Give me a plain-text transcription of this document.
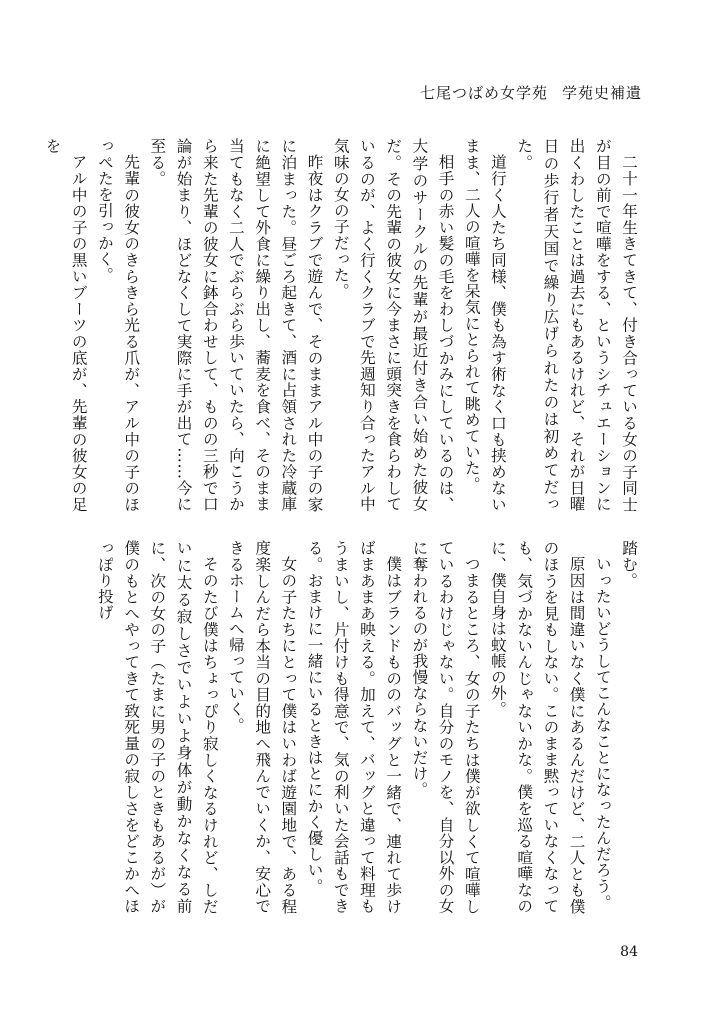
七尾つばめ女学苑 学苑史補遺

二十一年生きてきて、付き合っている女の子同士が目の前で喧嘩をする、というシチュエーションに出くわしたことは過去にもあるけれど、それが日曜日の歩行者天国で繰り広げられたのは初めてだった。

道行く人たち同様、僕も為す術なく口も挟めないまま、二人の喧嘩を呆気にとられて眺めていた。

相手の赤い髪の毛をわしづかみにしているのは、大学のサークルの先輩が最近付き合い始めた彼女だ。その先輩の彼女に今まさに頭突きを食らわしているのが、よく行くクラブで先週知り合ったアル中気味の女の子だった。

昨夜はクラブで遊んで、そのままアル中の子の家に泊まった。昼ごろ起きて、酒に占領された冷蔵庫に絶望して外食に繰り出し、蕎麦を食べ、そのまま当てもなく二人でぶらぶら歩いていたら、向こうから来た先輩の彼女に鉢合わせして、ものの三秒で口論が始まり、ほどなくして実際に手が出て……今に至る。

先輩の彼女のきらきら光る爪が、アル中の子のほっぺたを引っかく。

アル中の子の黒いブーツの底が、先輩の彼女の足を

踏む。

いったいどうしてこんなことになったんだろう。

原因は間違いなく僕にあるんだけど、二人とも僕のほうを見もしない。このまま黙っていなくなっても、気づかないんじゃないかな。僕を巡る喧嘩なのに、僕自身は蚊帳の外。

つまるところ、女の子たちは僕が欲しくて喧嘩しているわけじゃない。自分のモノを、自分以外の女に奪われるのが我慢ならないだけ。

僕はブランドもののバッグと一緒で、連れて歩けばまあまあ映える。加えて、バッグと違って料理もうまいし、片付けも得意で、気の利いた会話もできる。おまけに一緒にいるときはとにかく優しい。

女の子たちにとって僕はいわば遊園地で、ある程度楽しんだら本当の目的地へ飛んでいくか、安心できるホームへ帰っていく。

そのたび僕はちょっぴり寂しくなるけれど、しだいに太る寂しさでいよいよ身体が動かなくなる前に、次の女の子（たまに男の子のときもあるが）が僕のもとへやってきて致死量の寂しさをどこかへほっぽり投げ

84
